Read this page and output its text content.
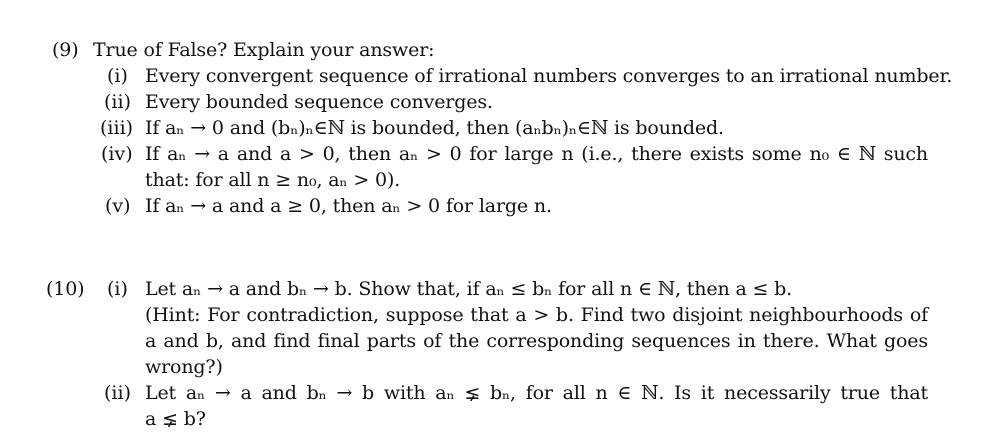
(9) True of False? Explain your answer:
(i) Every convergent sequence of irrational numbers converges to an irrational number.
(ii) Every bounded sequence converges.
(iii) If aₙ → 0 and (bₙ)ₙ∈ℕ is bounded, then (aₙbₙ)ₙ∈ℕ is bounded.
(iv) If aₙ → a and a > 0, then aₙ > 0 for large n (i.e., there exists some n₀ ∈ ℕ such
that: for all n ≥ n₀, aₙ > 0).
(v) If aₙ → a and a ≥ 0, then aₙ > 0 for large n.
(10) (i) Let aₙ → a and bₙ → b. Show that, if aₙ ≤ bₙ for all n ∈ ℕ, then a ≤ b.
(Hint: For contradiction, suppose that a > b. Find two disjoint neighbourhoods of
a and b, and find final parts of the corresponding sequences in there. What goes
wrong?)
(ii) Let aₙ → a and bₙ → b with aₙ ⪇ bₙ, for all n ∈ ℕ. Is it necessarily true that
a ⪇ b?
